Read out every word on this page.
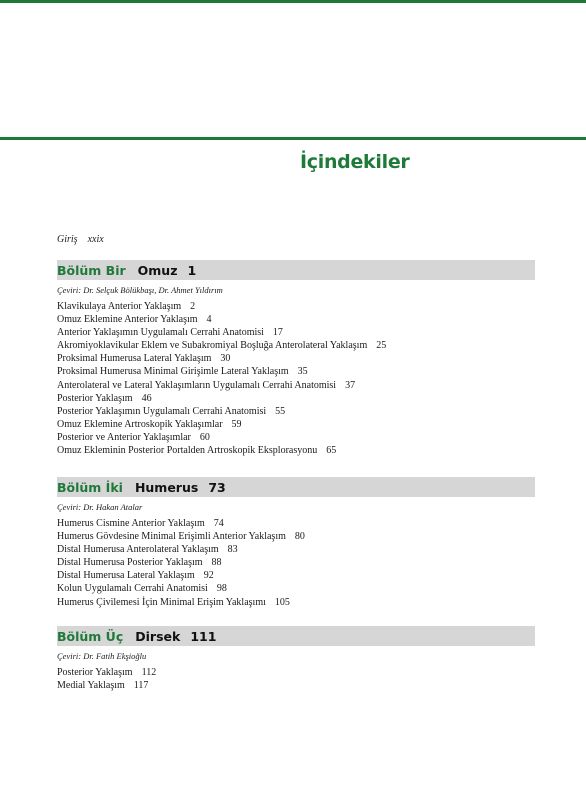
İçindekiler
Giriş xxix
Bölüm Bir Omuz 1
Çeviri: Dr. Selçuk Bölükbaşı, Dr. Ahmet Yıldırım
Klavikulaya Anterior Yaklaşım 2
Omuz Eklemine Anterior Yaklaşım 4
Anterior Yaklaşımın Uygulamalı Cerrahi Anatomisi 17
Akromiyoklavikular Eklem ve Subakromiyal Boşluğa Anterolateral Yaklaşım 25
Proksimal Humerusa Lateral Yaklaşım 30
Proksimal Humerusa Minimal Girişimle Lateral Yaklaşım 35
Anterolateral ve Lateral Yaklaşımların Uygulamalı Cerrahi Anatomisi 37
Posterior Yaklaşım 46
Posterior Yaklaşımın Uygulamalı Cerrahi Anatomisi 55
Omuz Eklemine Artroskopik Yaklaşımlar 59
Posterior ve Anterior Yaklaşımlar 60
Omuz Ekleminin Posterior Portalden Artroskopik Eksplorasyonu 65
Bölüm İki Humerus 73
Çeviri: Dr. Hakan Atalar
Humerus Cismine Anterior Yaklaşım 74
Humerus Gövdesine Minimal Erişimli Anterior Yaklaşım 80
Distal Humerusa Anterolateral Yaklaşım 83
Distal Humerusa Posterior Yaklaşım 88
Distal Humerusa Lateral Yaklaşım 92
Kolun Uygulamalı Cerrahi Anatomisi 98
Humerus Çivilemesi İçin Minimal Erişim Yaklaşımı 105
Bölüm Üç Dirsek 111
Çeviri: Dr. Fatih Ekşioğlu
Posterior Yaklaşım 112
Medial Yaklaşım 117
